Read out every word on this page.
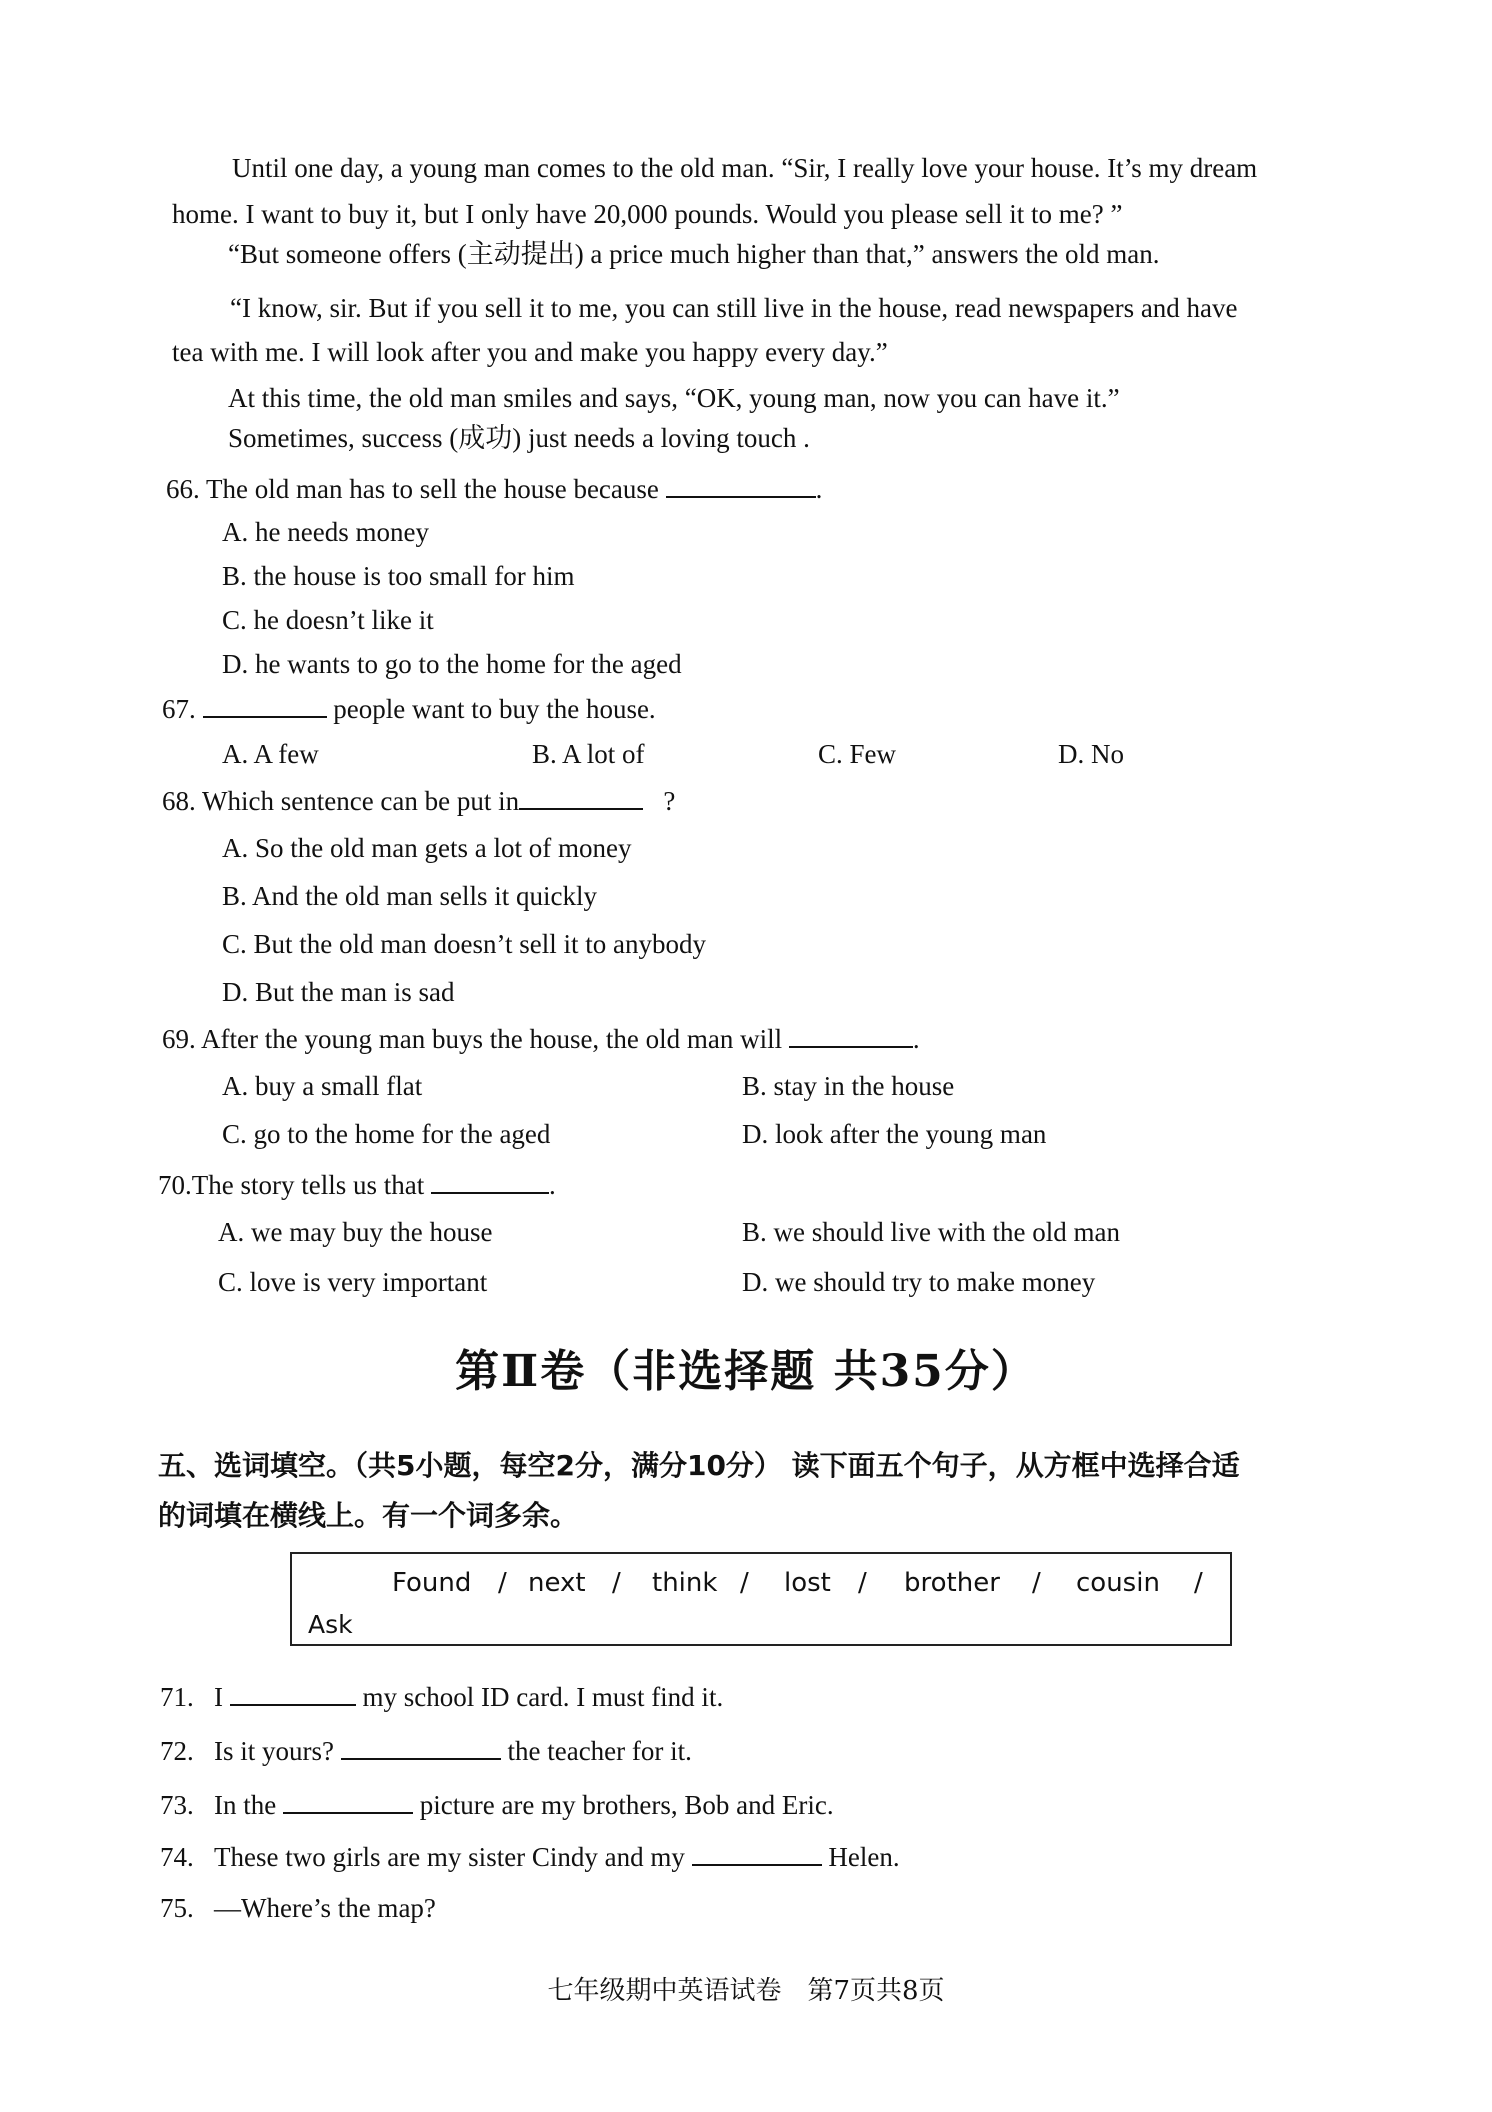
Until one day, a young man comes to the old man. “Sir, I really love your house. It’s my dream
home. I want to buy it, but I only have 20,000 pounds. Would you please sell it to me? ”
“But someone offers (主动提出) a price much higher than that,” answers the old man.
“I know, sir. But if you sell it to me, you can still live in the house, read newspapers and have
tea with me. I will look after you and make you happy every day.”
At this time, the old man smiles and says, “OK, young man, now you can have it.”
Sometimes, success (成功) just needs a loving touch .
66. The old man has to sell the house because	.
A. he needs money
B. the house is too small for him
C. he doesn’t like it
D. he wants to go to the home for the aged
67.	people want to buy the house.
A. A few	B. A lot of	C. Few	D. No
68. Which sentence can be put in	?
A. So the old man gets a lot of money
B. And the old man sells it quickly
C. But the old man doesn’t sell it to anybody
D. But the man is sad
69. After the young man buys the house, the old man will	.
A. buy a small flat	B. stay in the house
C. go to the home for the aged	D. look after the young man
70.The story tells us that	.
A. we may buy the house	B. we should live with the old man
C. love is very important	D. we should try to make money
第Ⅱ卷（非选择题 共35分）
五、选词填空。（共5小题，每空2分，满分10分） 读下面五个句子，从方框中选择合适
的词填在横线上。有一个词多余。
Found / next / think / lost / brother / cousin /
Ask
71. I	my school ID card. I must find it.
72. Is it yours?	the teacher for it.
73. In the	picture are my brothers, Bob and Eric.
74. These two girls are my sister Cindy and my	Helen.
75. —Where’s the map?
七年级期中英语试卷　第7页共8页
